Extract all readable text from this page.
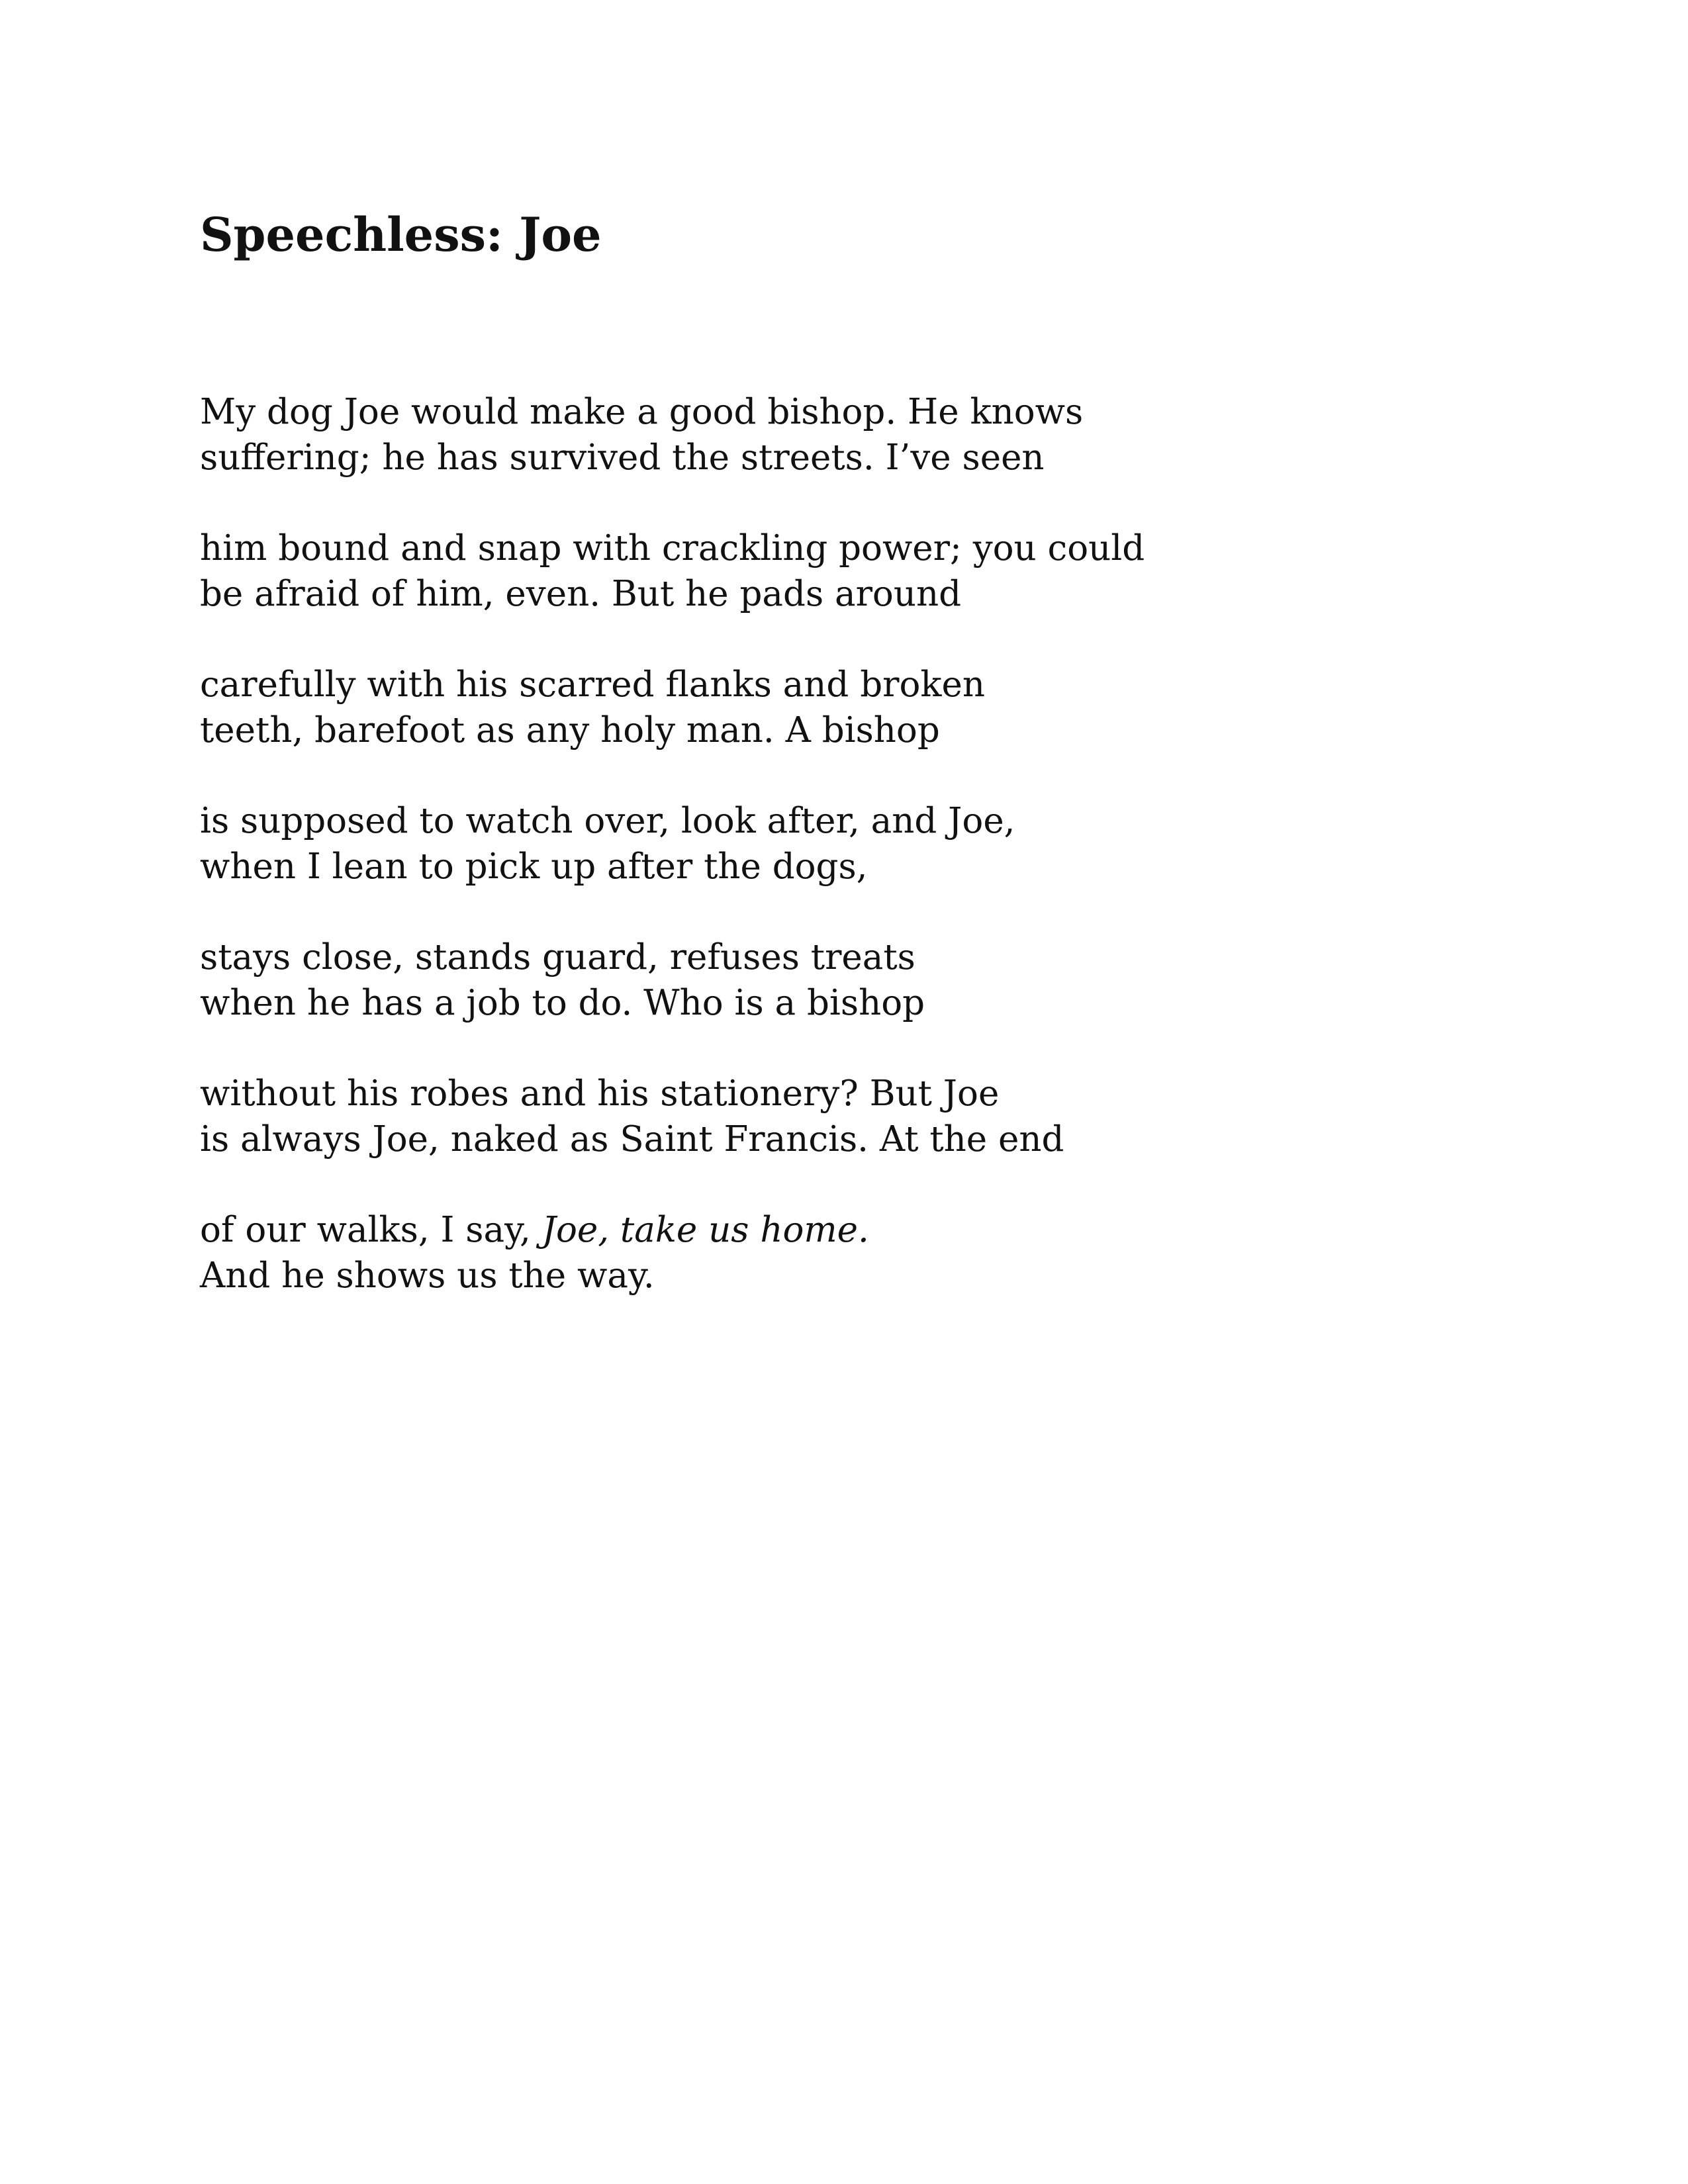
Speechless: Joe
My dog Joe would make a good bishop. He knows
suffering; he has survived the streets. I’ve seen
him bound and snap with crackling power; you could
be afraid of him, even. But he pads around
carefully with his scarred flanks and broken
teeth, barefoot as any holy man. A bishop
is supposed to watch over, look after, and Joe,
when I lean to pick up after the dogs,
stays close, stands guard, refuses treats
when he has a job to do. Who is a bishop
without his robes and his stationery? But Joe
is always Joe, naked as Saint Francis. At the end
of our walks, I say, Joe, take us home.
And he shows us the way.
